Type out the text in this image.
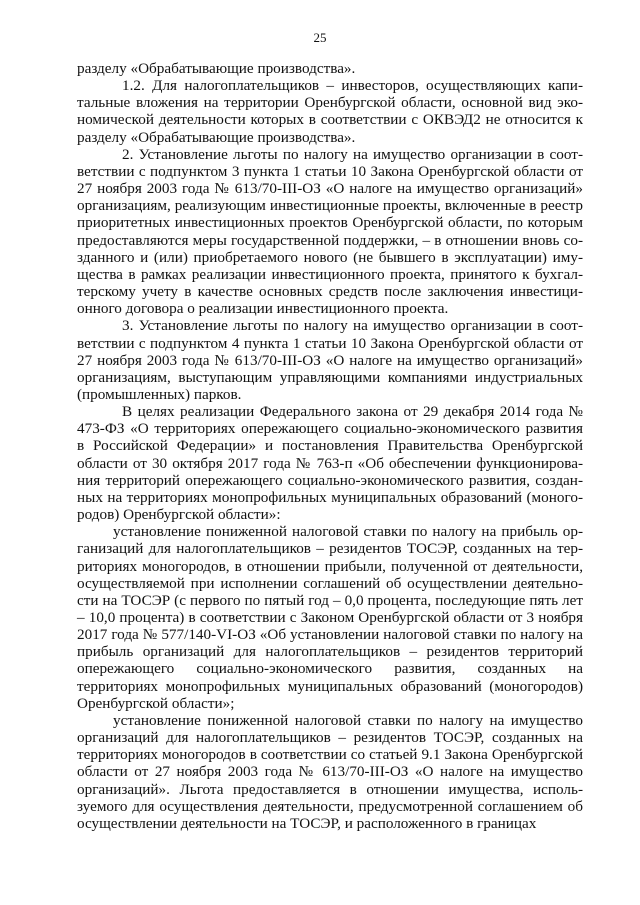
25

разделу «Обрабатывающие производства».

1.2. Для налогоплательщиков – инвесторов, осуществляющих капитальные вложения на территории Оренбургской области, основной вид экономической деятельности которых в соответствии с ОКВЭД2 не относится к разделу «Обрабатывающие производства».

2. Установление льготы по налогу на имущество организации в соответствии с подпунктом 3 пункта 1 статьи 10 Закона Оренбургской области от 27 ноября 2003 года № 613/70-III-ОЗ «О налоге на имущество организаций» организациям, реализующим инвестиционные проекты, включенные в реестр приоритетных инвестиционных проектов Оренбургской области, по которым предоставляются меры государственной поддержки, – в отношении вновь созданного и (или) приобретаемого нового (не бывшего в эксплуатации) имущества в рамках реализации инвестиционного проекта, принятого к бухгалтерскому учету в качестве основных средств после заключения инвестиционного договора о реализации инвестиционного проекта.

3. Установление льготы по налогу на имущество организации в соответствии с подпунктом 4 пункта 1 статьи 10 Закона Оренбургской области от 27 ноября 2003 года № 613/70-III-ОЗ «О налоге на имущество организаций» организациям, выступающим управляющими компаниями индустриальных (промышленных) парков.

В целях реализации Федерального закона от 29 декабря 2014 года № 473-ФЗ «О территориях опережающего социально-экономического развития в Российской Федерации» и постановления Правительства Оренбургской области от 30 октября 2017 года № 763-п «Об обеспечении функционирования территорий опережающего социально-экономического развития, созданных на территориях монопрофильных муниципальных образований (моногородов) Оренбургской области»:

установление пониженной налоговой ставки по налогу на прибыль организаций для налогоплательщиков – резидентов ТОСЭР, созданных на территориях моногородов, в отношении прибыли, полученной от деятельности, осуществляемой при исполнении соглашений об осуществлении деятельности на ТОСЭР (с первого по пятый год – 0,0 процента, последующие пять лет – 10,0 процента) в соответствии с Законом Оренбургской области от 3 ноября 2017 года № 577/140-VI-ОЗ «Об установлении налоговой ставки по налогу на прибыль организаций для налогоплательщиков – резидентов территорий опережающего социально-экономического развития, созданных на территориях монопрофильных муниципальных образований (моногородов) Оренбургской области»;

установление пониженной налоговой ставки по налогу на имущество организаций для налогоплательщиков – резидентов ТОСЭР, созданных на территориях моногородов в соответствии со статьей 9.1 Закона Оренбургской области от 27 ноября 2003 года № 613/70-III-ОЗ «О налоге на имущество организаций». Льгота предоставляется в отношении имущества, используемого для осуществления деятельности, предусмотренной соглашением об осуществлении деятельности на ТОСЭР, и расположенного в границах
